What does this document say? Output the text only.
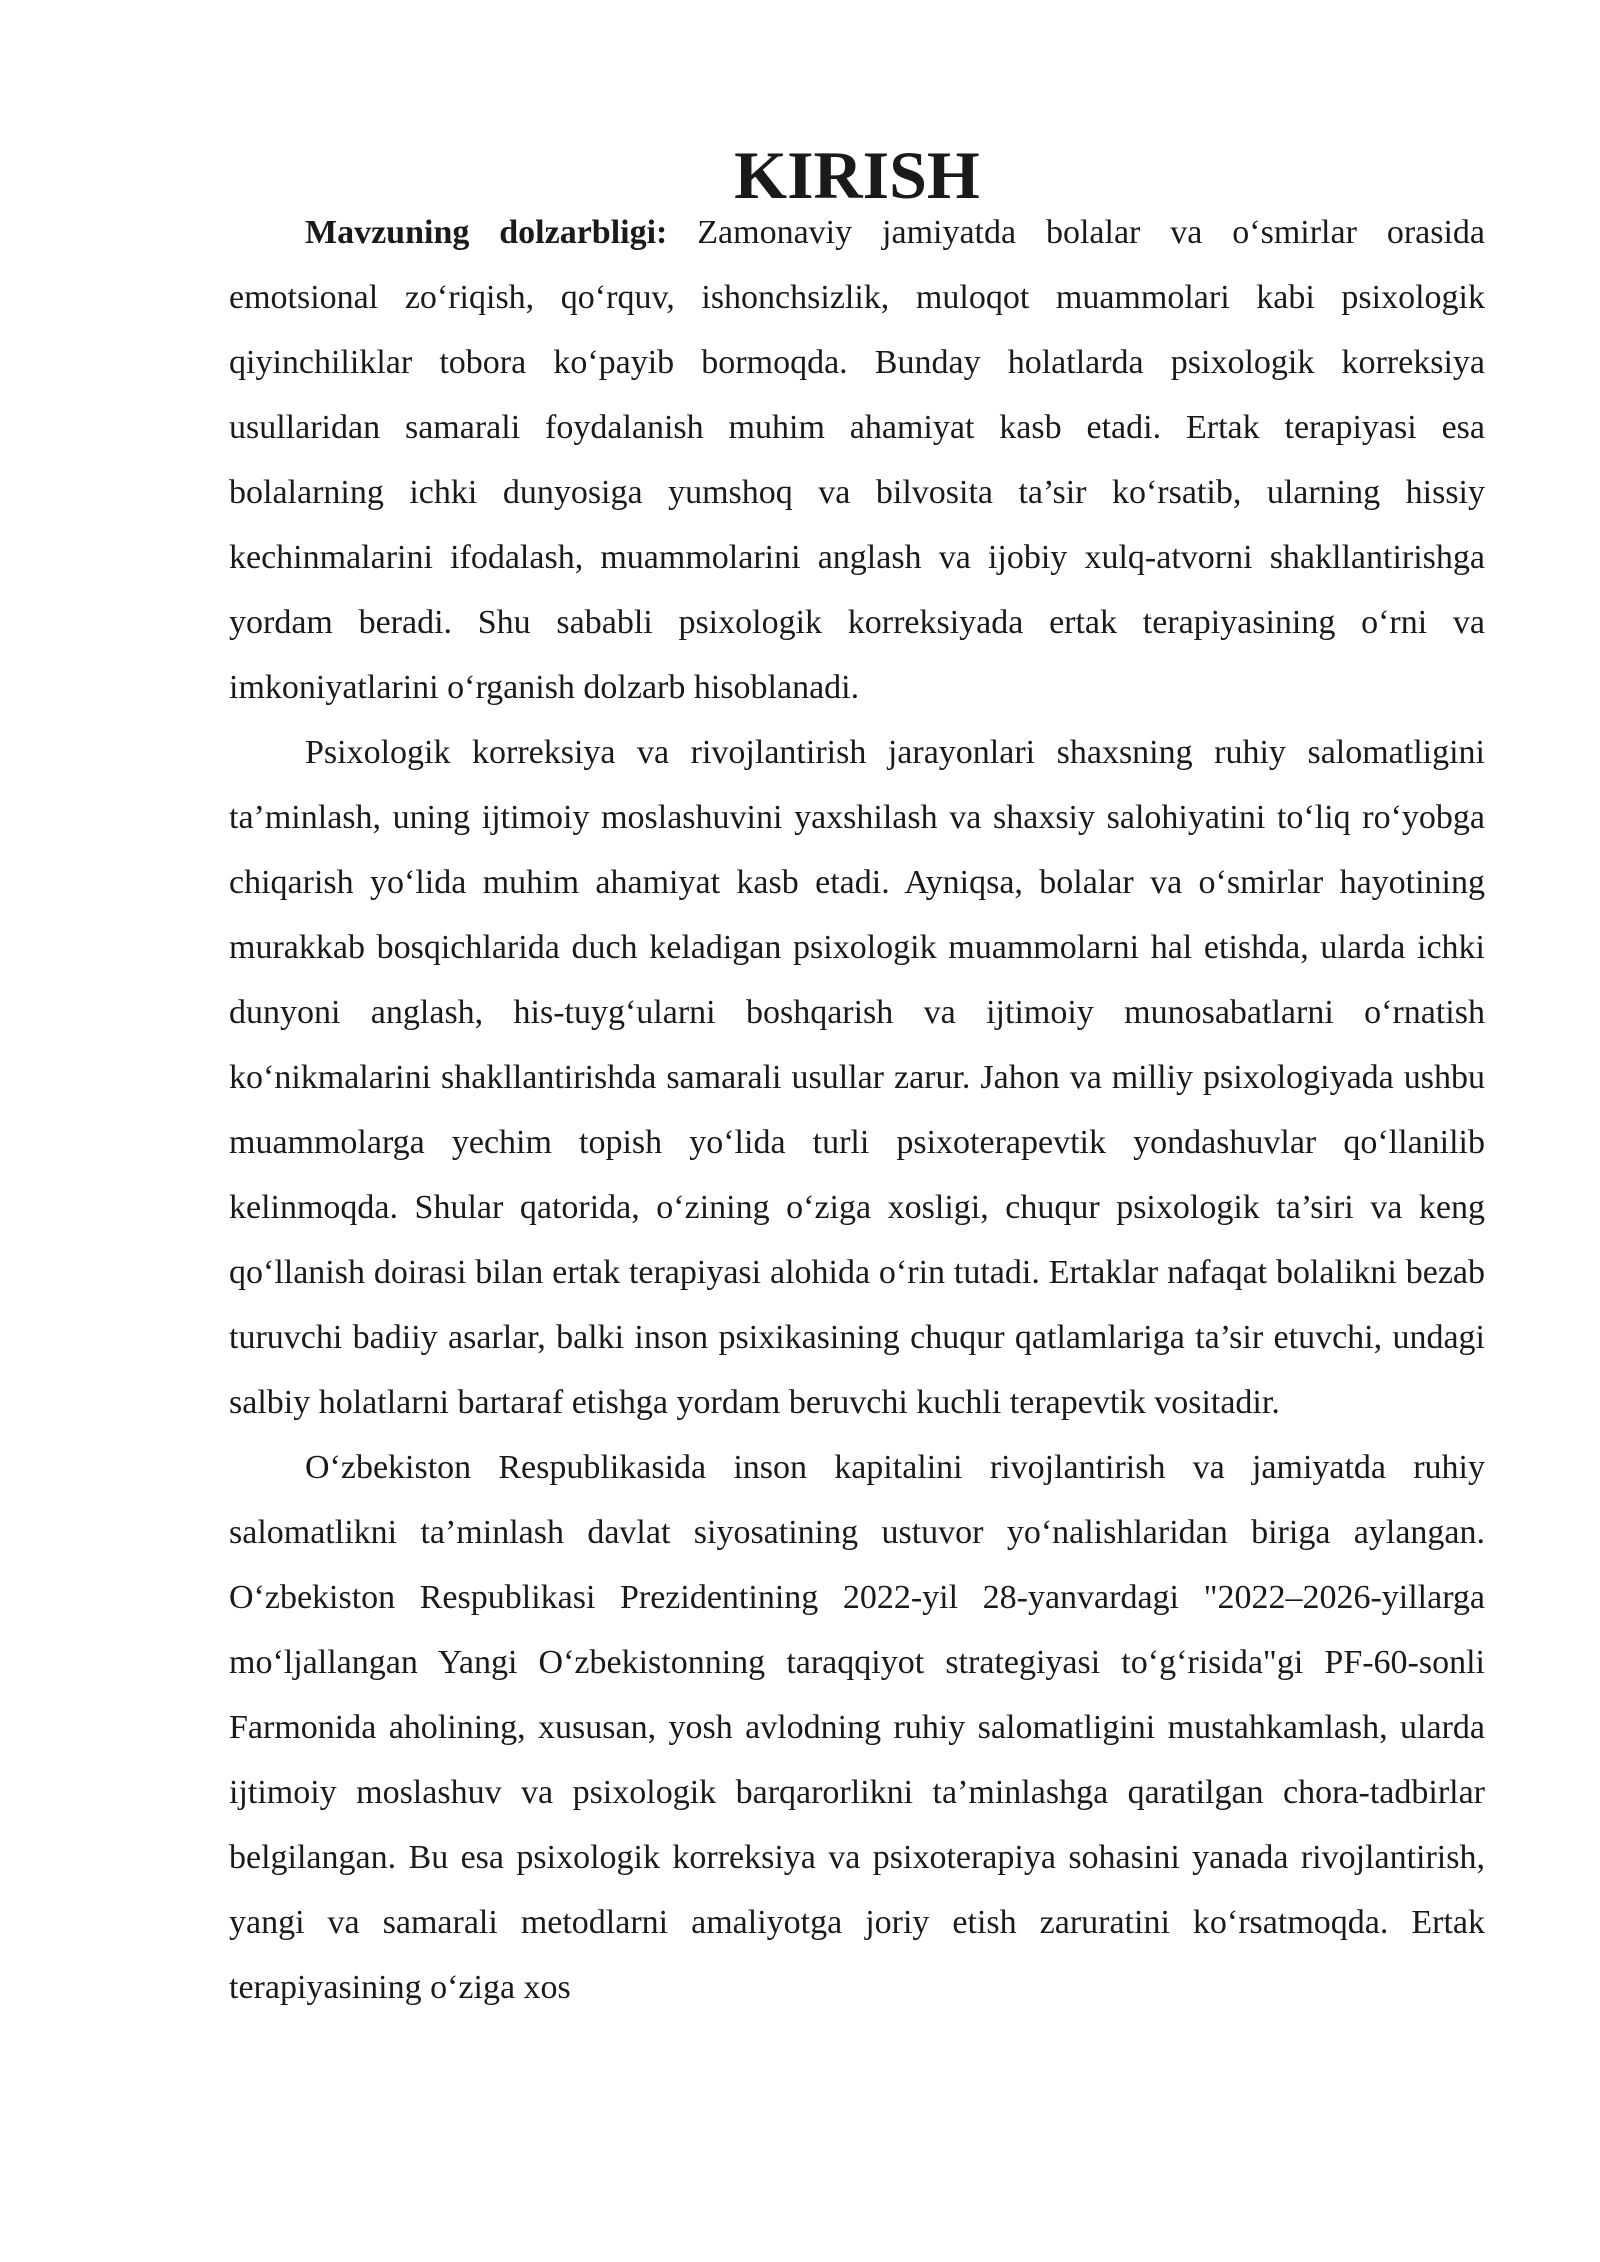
KIRISH

Mavzuning dolzarbligi: Zamonaviy jamiyatda bolalar va o‘smirlar orasida emotsional zo‘riqish, qo‘rquv, ishonchsizlik, muloqot muammolari kabi psixologik qiyinchiliklar tobora ko‘payib bormoqda. Bunday holatlarda psixologik korreksiya usullaridan samarali foydalanish muhim ahamiyat kasb etadi. Ertak terapiyasi esa bolalarning ichki dunyosiga yumshoq va bilvosita ta’sir ko‘rsatib, ularning hissiy kechinmalarini ifodalash, muammolarini anglash va ijobiy xulq-atvorni shakllantirishga yordam beradi. Shu sababli psixologik korreksiyada ertak terapiyasining o‘rni va imkoniyatlarini o‘rganish dolzarb hisoblanadi.

Psixologik korreksiya va rivojlantirish jarayonlari shaxsning ruhiy salomatligini ta’minlash, uning ijtimoiy moslashuvini yaxshilash va shaxsiy salohiyatini to‘liq ro‘yobga chiqarish yo‘lida muhim ahamiyat kasb etadi. Ayniqsa, bolalar va o‘smirlar hayotining murakkab bosqichlarida duch keladigan psixologik muammolarni hal etishda, ularda ichki dunyoni anglash, his-tuyg‘ularni boshqarish va ijtimoiy munosabatlarni o‘rnatish ko‘nikmalarini shakllantirishda samarali usullar zarur. Jahon va milliy psixologiyada ushbu muammolarga yechim topish yo‘lida turli psixoterapevtik yondashuvlar qo‘llanilib kelinmoqda. Shular qatorida, o‘zining o‘ziga xosligi, chuqur psixologik ta’siri va keng qo‘llanish doirasi bilan ertak terapiyasi alohida o‘rin tutadi. Ertaklar nafaqat bolalikni bezab turuvchi badiiy asarlar, balki inson psixikasining chuqur qatlamlariga ta’sir etuvchi, undagi salbiy holatlarni bartaraf etishga yordam beruvchi kuchli terapevtik vositadir.

O‘zbekiston Respublikasida inson kapitalini rivojlantirish va jamiyatda ruhiy salomatlikni ta’minlash davlat siyosatining ustuvor yo‘nalishlaridan biriga aylangan. O‘zbekiston Respublikasi Prezidentining 2022-yil 28-yanvardagi "2022–2026-yillarga mo‘ljallangan Yangi O‘zbekistonning taraqqiyot strategiyasi to‘g‘risida"gi PF-60-sonli Farmonida aholining, xususan, yosh avlodning ruhiy salomatligini mustahkamlash, ularda ijtimoiy moslashuv va psixologik barqarorlikni ta’minlashga qaratilgan chora-tadbirlar belgilangan. Bu esa psixologik korreksiya va psixoterapiya sohasini yanada rivojlantirish, yangi va samarali metodlarni amaliyotga joriy etish zaruratini ko‘rsatmoqda. Ertak terapiyasining o‘ziga xos
